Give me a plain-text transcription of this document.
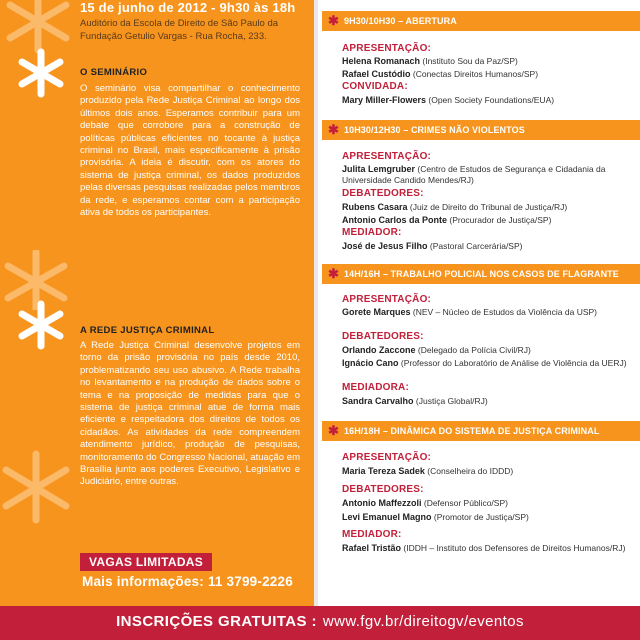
15 de junho de 2012 - 9h30 às 18h
Auditório da Escola de Direito de São Paulo da Fundação Getulio Vargas - Rua Rocha, 233.
O SEMINÁRIO
O seminário visa compartilhar o conhecimento produzido pela Rede Justiça Criminal ao longo dos últimos dois anos. Esperamos contribuir para um debate que corrobore para a construção de políticas públicas eficientes no tocante à justiça criminal no Brasil, mais especificamente à prisão provisória. A ideia é discutir, com os atores do sistema de justiça criminal, os dados produzidos pelas diversas pesquisas realizadas pelos membros da rede, e esperamos contar com a participação ativa de todos os participantes.
A REDE JUSTIÇA CRIMINAL
A Rede Justiça Criminal desenvolve projetos em torno da prisão provisória no país desde 2010, problematizando seu uso abusivo. A Rede trabalha no levantamento e na produção de dados sobre o tema e na proposição de medidas para que o sistema de justiça criminal atue de forma mais eficiente e respeitadora dos direitos de todos os cidadãos. As atividades da rede compreendem atendimento jurídico, produção de pesquisas, monitoramento do Congresso Nacional, atuação em Brasília junto aos poderes Executivo, Legislativo e Judiciário, entre outras.
VAGAS LIMITADAS
Mais informações: 11 3799-2226
✱ 9H30/10H30 – ABERTURA
APRESENTAÇÃO:
Helena Romanach (Instituto Sou da Paz/SP)
Rafael Custódio (Conectas Direitos Humanos/SP)
CONVIDADA:
Mary Miller-Flowers (Open Society Foundations/EUA)
✱ 10H30/12H30 – CRIMES NÃO VIOLENTOS
APRESENTAÇÃO:
Julita Lemgruber (Centro de Estudos de Segurança e Cidadania da Universidade Candido Mendes/RJ)
DEBATEDORES:
Rubens Casara (Juiz de Direito do Tribunal de Justiça/RJ)
Antonio Carlos da Ponte (Procurador de Justiça/SP)
MEDIADOR:
José de Jesus Filho (Pastoral Carcerária/SP)
✱ 14H/16H – TRABALHO POLICIAL NOS CASOS DE FLAGRANTE
APRESENTAÇÃO:
Gorete Marques (NEV – Núcleo de Estudos da Violência da USP)
DEBATEDORES:
Orlando Zaccone (Delegado da Polícia Civil/RJ)
Ignácio Cano (Professor do Laboratório de Análise de Violência da UERJ)
MEDIADORA:
Sandra Carvalho (Justiça Global/RJ)
✱ 16H/18H – DINÂMICA DO SISTEMA DE JUSTIÇA CRIMINAL
APRESENTAÇÃO:
Maria Tereza Sadek (Conselheira do IDDD)
DEBATEDORES:
Antonio Maffezzoli (Defensor Público/SP)
Levi Emanuel Magno (Promotor de Justiça/SP)
MEDIADOR:
Rafael Tristão (IDDH – Instituto dos Defensores de Direitos Humanos/RJ)
INSCRIÇÕES GRATUITAS : www.fgv.br/direitogv/eventos
